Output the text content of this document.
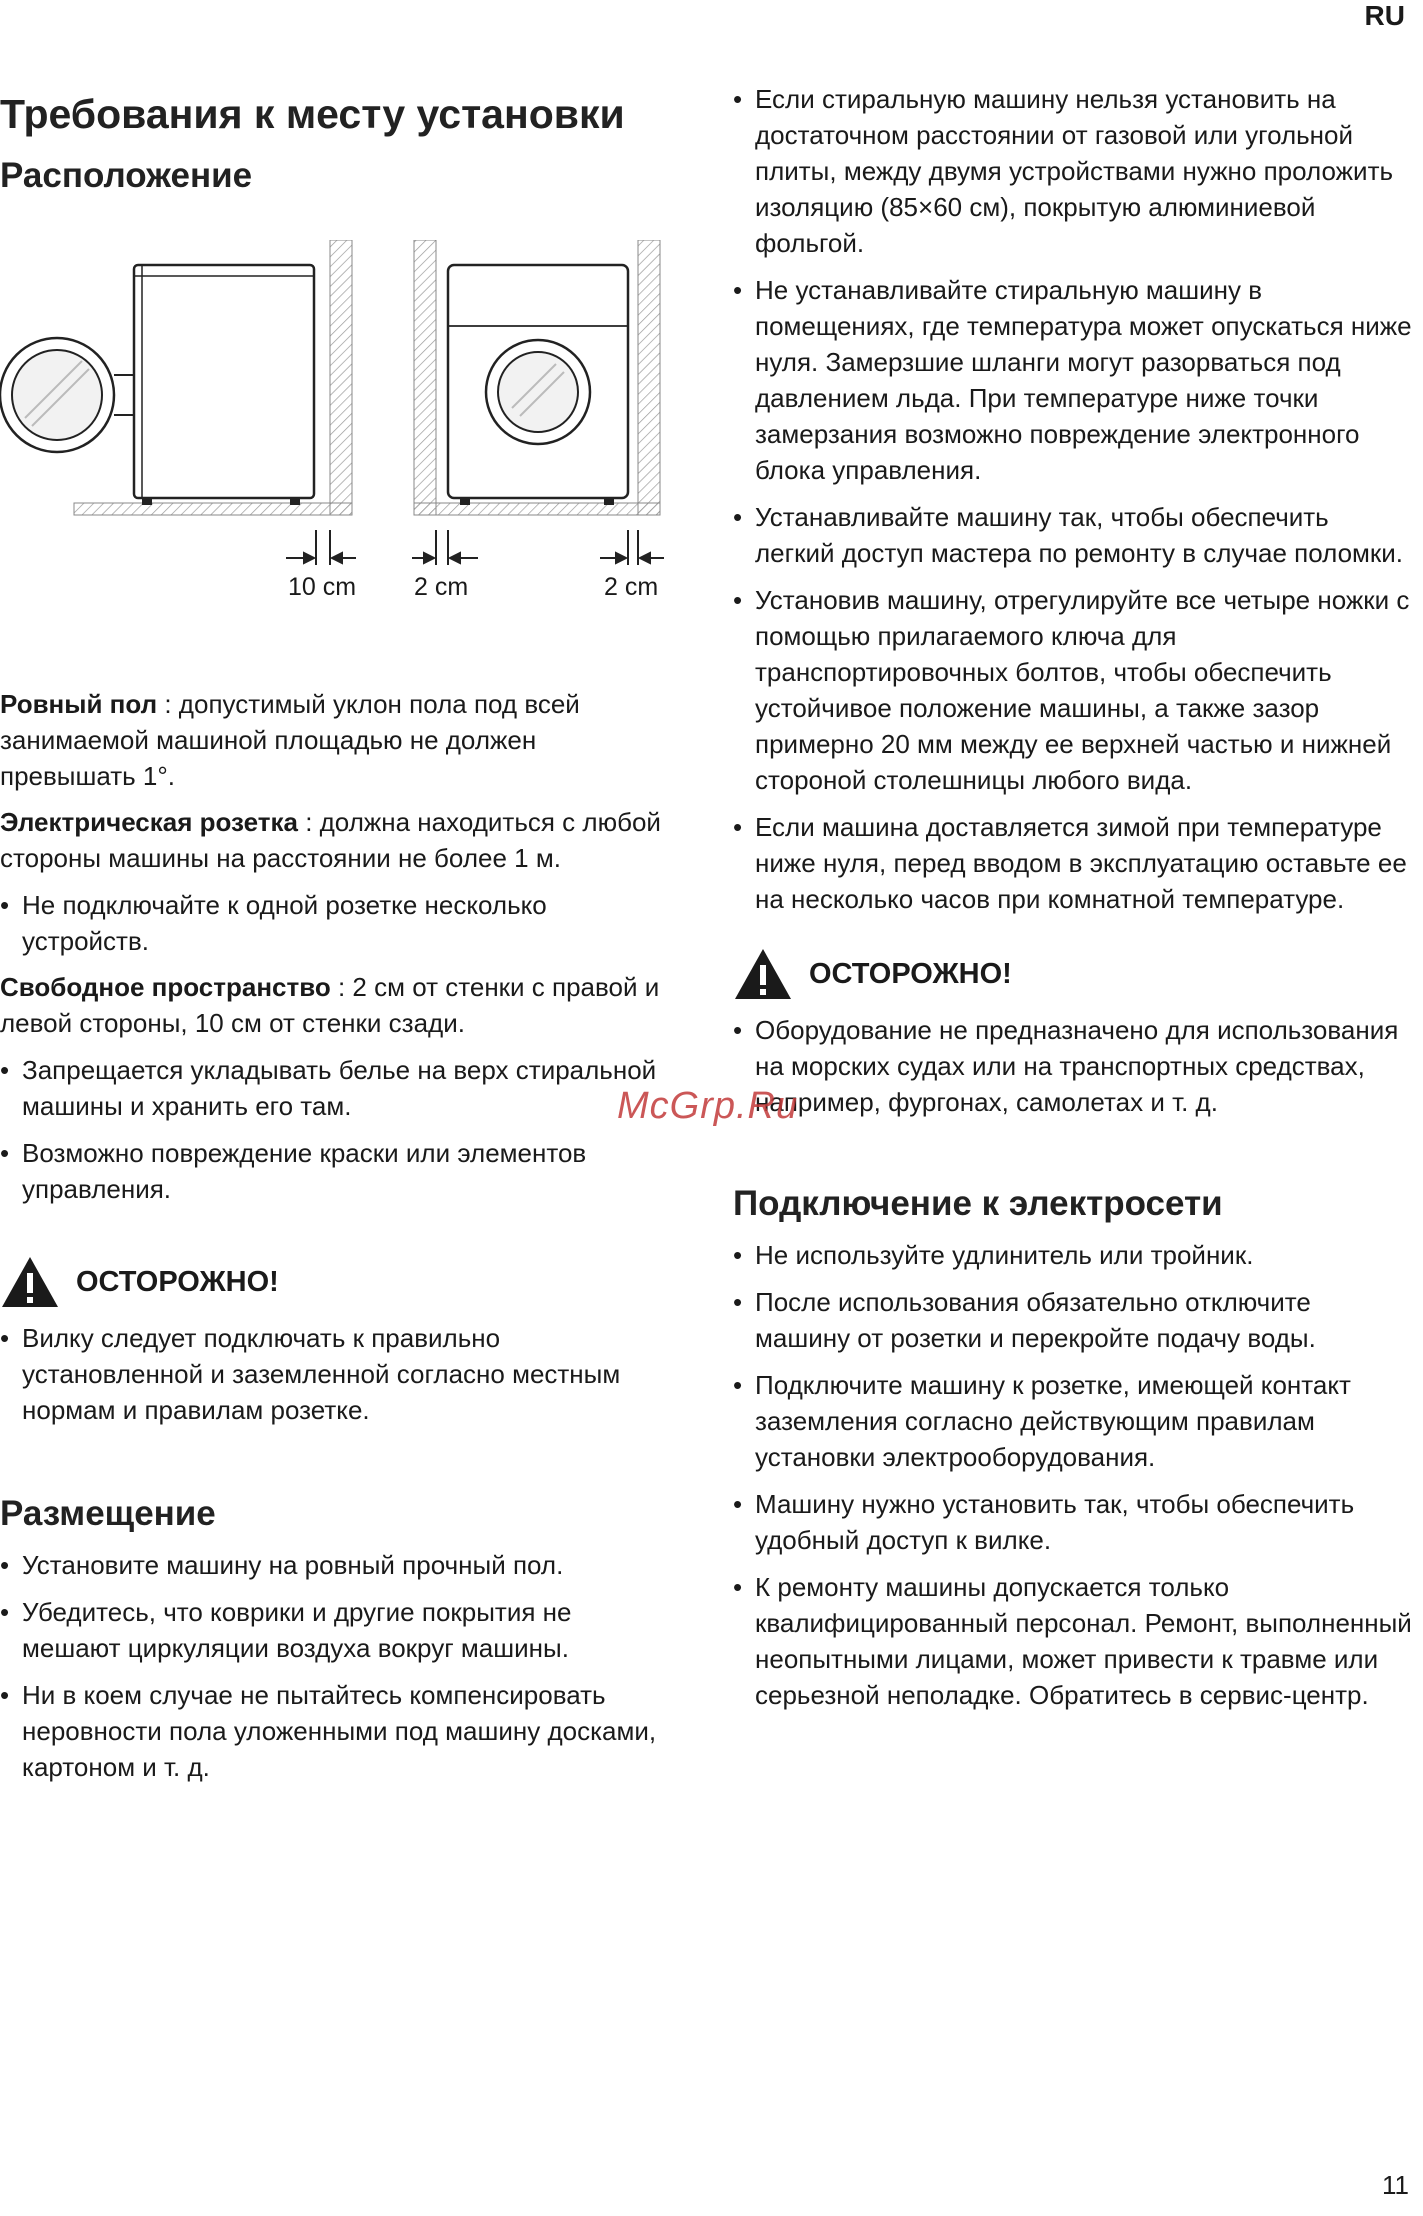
RU
Требования к месту установки
Расположение
10 cm 2 cm	2 cm

Ровный пол : допустимый уклон пола под всей занимаемой машиной площадью не должен превышать 1°.

Электрическая розетка : должна находиться с любой стороны машины на расстоянии не более 1 м.

• Не подключайте к одной розетке несколько устройств.

Свободное пространство : 2 см от стенки с правой и левой стороны, 10 см от стенки сзади.

• Запрещается укладывать белье на верх стиральной машины и хранить его там.
• Возможно повреждение краски или элементов управления.
ОСТОРОЖНО!
• Вилку следует подключать к правильно установленной и заземленной согласно местным нормам и правилам розетке.
Размещение
• Установите машину на ровный прочный пол.
• Убедитесь, что коврики и другие покрытия не мешают циркуляции воздуха вокруг машины.
• Ни в коем случае не пытайтесь компенсировать неровности пола уложенными под машину досками, картоном и т. д.
• Если стиральную машину нельзя установить на достаточном расстоянии от газовой или угольной плиты, между двумя устройствами нужно проложить изоляцию (85×60 см), покрытую алюминиевой фольгой.
• Не устанавливайте стиральную машину в помещениях, где температура может опускаться ниже нуля. Замерзшие шланги могут разорваться под давлением льда. При температуре ниже точки замерзания возможно повреждение электронного блока управления.
• Устанавливайте машину так, чтобы обеспечить легкий доступ мастера по ремонту в случае поломки.
• Установив машину, отрегулируйте все четыре ножки с помощью прилагаемого ключа для транспортировочных болтов, чтобы обеспечить устойчивое положение машины, а также зазор примерно 20 мм между ее верхней частью и нижней стороной столешницы любого вида.
• Если машина доставляется зимой при температуре ниже нуля, перед вводом в эксплуатацию оставьте ее на несколько часов при комнатной температуре.
ОСТОРОЖНО!
• Оборудование не предназначено для использования на морских судах или на транспортных средствах, например, фургонах, самолетах и т. д.
Подключение к электросети
• Не используйте удлинитель или тройник.
• После использования обязательно отключите машину от розетки и перекройте подачу воды.
• Подключите машину к розетке, имеющей контакт заземления согласно действующим правилам установки электрооборудования.
• Машину нужно установить так, чтобы обеспечить удобный доступ к вилке.
• К ремонту машины допускается только квалифицированный персонал. Ремонт, выполненный неопытными лицами, может привести к травме или серьезной неполадке. Обратитесь в сервис-центр.
McGrp.Ru
11
